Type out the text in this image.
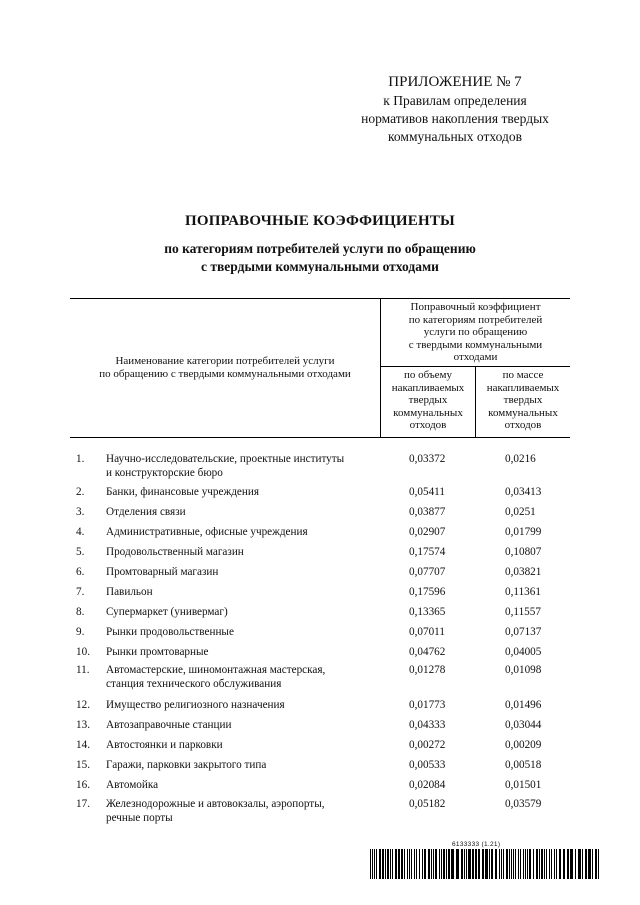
ПРИЛОЖЕНИЕ № 7
к Правилам определения
нормативов накопления твердых
коммунальных отходов
ПОПРАВОЧНЫЕ КОЭФФИЦИЕНТЫ
по категориям потребителей услуги по обращению
с твердыми коммунальными отходами
Наименование категории потребителей услуги
по обращению с твердыми коммунальными отходами
Поправочный коэффициент
по категориям потребителей
услуги по обращению
с твердыми коммунальными
отходами
по объему
накапливаемых
твердых
коммунальных
отходов
по массе
накапливаемых
твердых
коммунальных
отходов
1. Научно-исследовательские, проектные институты
и конструкторские бюро
0,03372	0,0216
2. Банки, финансовые учреждения	0,05411	0,03413
3. Отделения связи	0,03877	0,0251
4. Административные, офисные учреждения	0,02907	0,01799
5. Продовольственный магазин	0,17574	0,10807
6. Промтоварный магазин	0,07707	0,03821
7. Павильон	0,17596	0,11361
8. Супермаркет (универмаг)	0,13365	0,11557
9. Рынки продовольственные	0,07011	0,07137
10. Рынки промтоварные	0,04762	0,04005
11. Автомастерские, шиномонтажная мастерская,
станция технического обслуживания
0,01278	0,01098
12. Имущество религиозного назначения	0,01773	0,01496
13. Автозаправочные станции	0,04333	0,03044
14. Автостоянки и парковки	0,00272	0,00209
15. Гаражи, парковки закрытого типа	0,00533	0,00518
16. Автомойка	0,02084	0,01501
17. Железнодорожные и автовокзалы, аэропорты,
речные порты
0,05182	0,03579
6133333 (1.21)
